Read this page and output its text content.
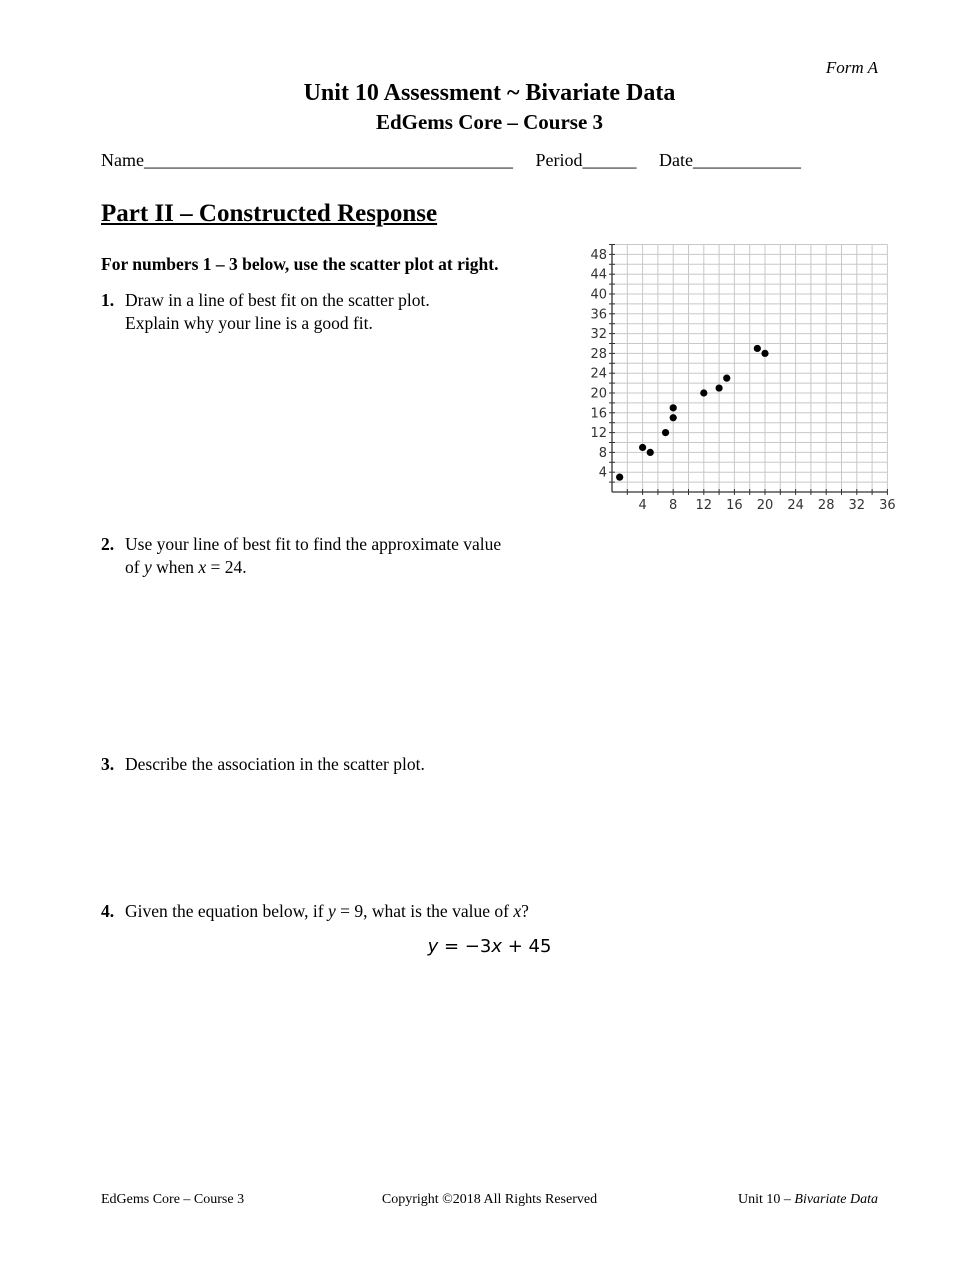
Form A
Unit 10 Assessment ~ Bivariate Data
EdGems Core – Course 3
Name_________________________________________ Period______ Date____________
Part II – Constructed Response
For numbers 1 – 3 below, use the scatter plot at right.
1. Draw in a line of best fit on the scatter plot.
Explain why your line is a good fit.
2. Use your line of best fit to find the approximate value
of y when x = 24.
3. Describe the association in the scatter plot.
4. Given the equation below, if y = 9, what is the value of x?
y = −3x + 45
4 8 12 16 20 24 28 32 36
4
8
12
16
20
24
28
32
36
40
44
48
EdGems Core – Course 3	Copyright ©2018 All Rights Reserved	Unit 10 – Bivariate Data
